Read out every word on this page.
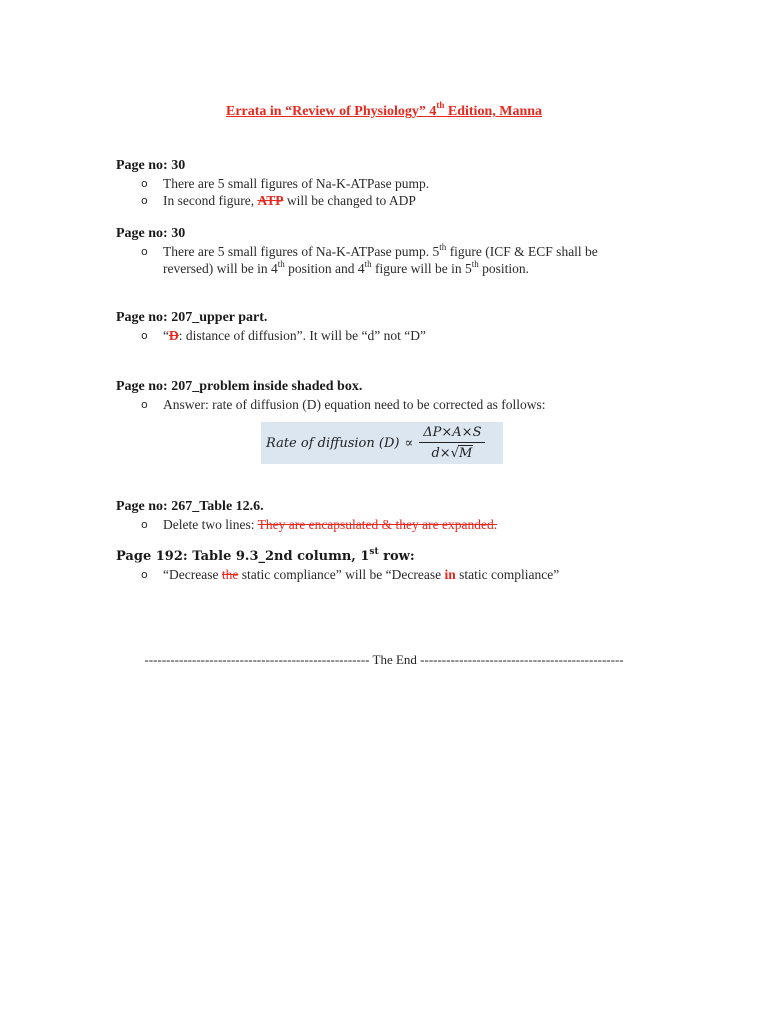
Errata in “Review of Physiology” 4th Edition, Manna
Page no: 30
o There are 5 small figures of Na-K-ATPase pump.
o In second figure, ATP will be changed to ADP
Page no: 30
o There are 5 small figures of Na-K-ATPase pump. 5th figure (ICF & ECF shall be
reversed) will be in 4th position and 4th figure will be in 5th position.
Page no: 207_upper part.
o “D: distance of diffusion”. It will be “d” not “D”
Page no: 207_problem inside shaded box.
o Answer: rate of diffusion (D) equation need to be corrected as follows:
Rate of diffusion $(D) \propto \frac{\Delta P\times A\times S}{d\times√M}$
Page no: 267_Table 12.6.
o Delete two lines: They are encapsulated & they are expanded.
Page 192: Table 9.3_2nd column, 1st row:
o “Decrease the static compliance” will be “Decrease in static compliance”
---------------------------------------------------- The End -----------------------------------------------
